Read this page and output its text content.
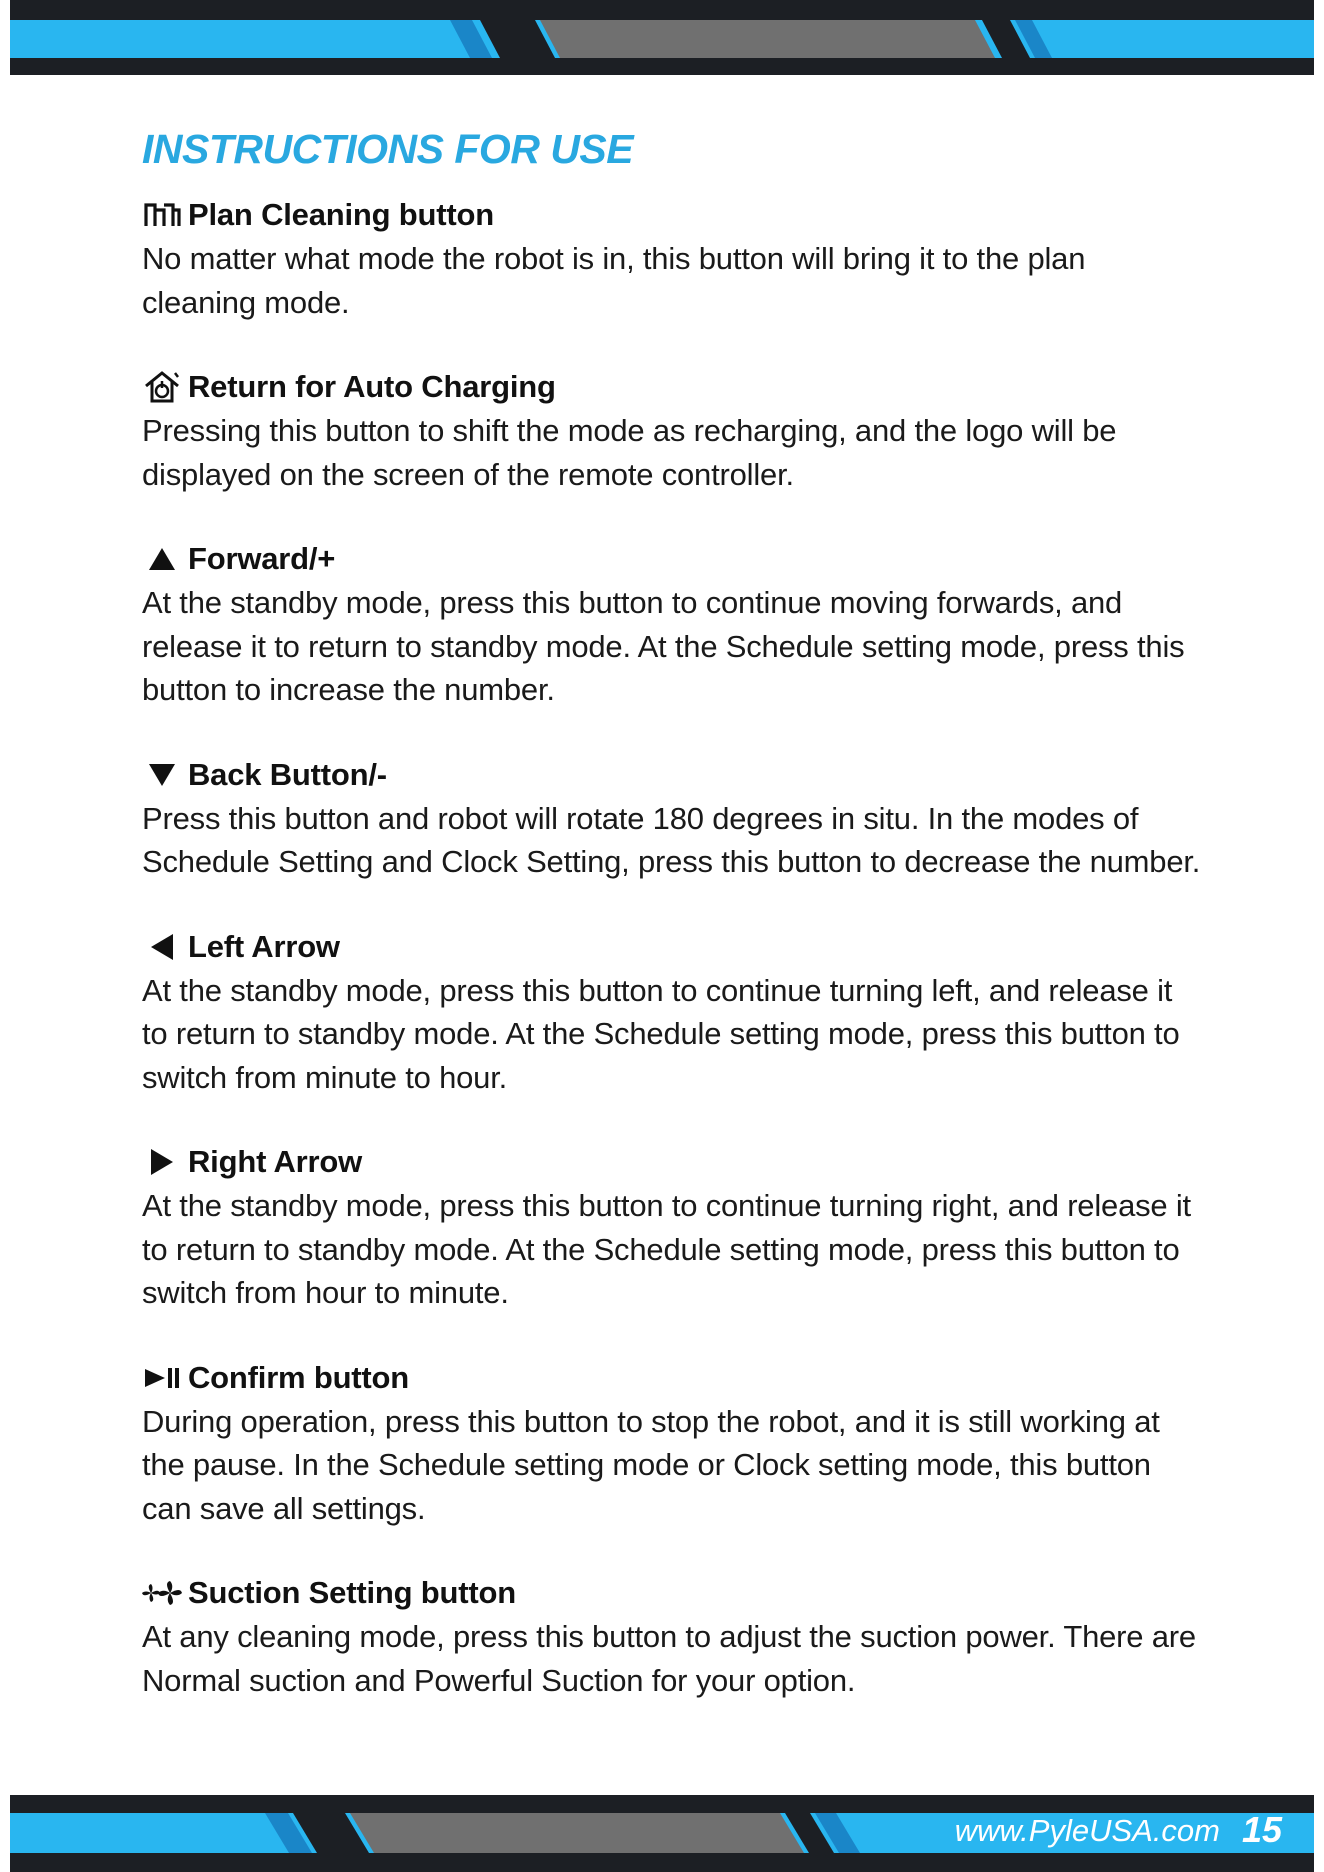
INSTRUCTIONS FOR USE
Plan Cleaning button

No matter what mode the robot is in, this button will bring it to the plan cleaning mode.

Return for Auto Charging

Pressing this button to shift the mode as recharging, and the logo will be displayed on the screen of the remote controller.

Forward/+

At the standby mode, press this button to continue moving forwards, and release it to return to standby mode. At the Schedule setting mode, press this button to increase the number.

Back Button/-

Press this button and robot will rotate 180 degrees in situ. In the modes of Schedule Setting and Clock Setting, press this button to decrease the number.

Left Arrow

At the standby mode, press this button to continue turning left, and release it to return to standby mode. At the Schedule setting mode, press this button to switch from minute to hour.

Right Arrow

At the standby mode, press this button to continue turning right, and release it to return to standby mode. At the Schedule setting mode, press this button to switch from hour to minute.

Confirm button

During operation, press this button to stop the robot, and it is still working at the pause. In the Schedule setting mode or Clock setting mode, this button can save all settings.

Suction Setting button

At any cleaning mode, press this button to adjust the suction power. There are Normal suction and Powerful Suction for your option.

www.PyleUSA.com 15
